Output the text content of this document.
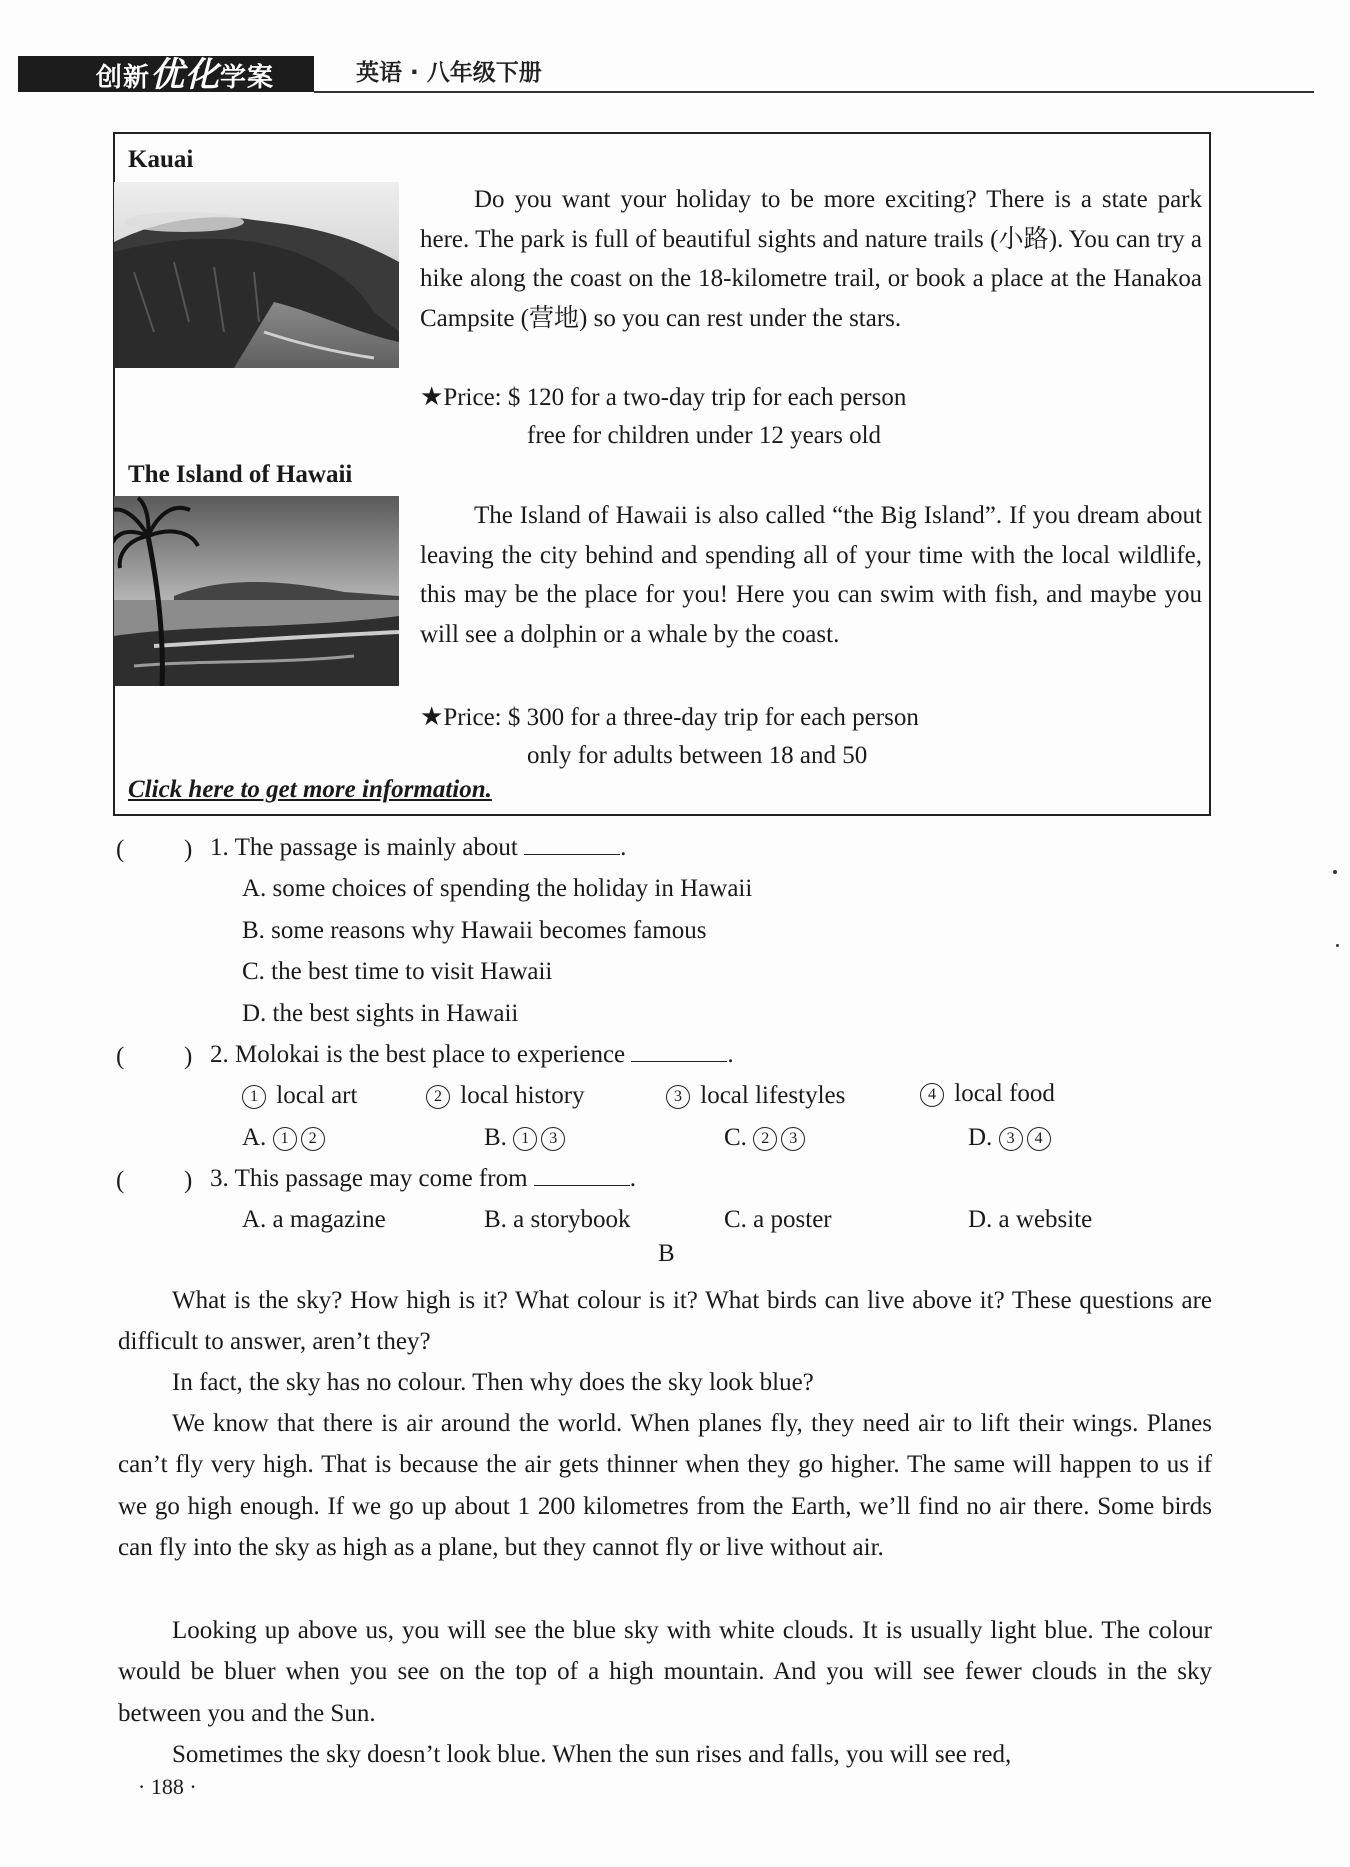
创新优化学案	英语 · 八年级下册
Kauai
Do you want your holiday to be more exciting? There is a state park here. The park is full of beautiful sights and nature trails (小路). You can try a hike along the coast on the 18-kilometre trail, or book a place at the Hanakoa Campsite (营地) so you can rest under the stars.
★Price: $ 120 for a two-day trip for each person
free for children under 12 years old
The Island of Hawaii
The Island of Hawaii is also called “the Big Island”. If you dream about leaving the city behind and spending all of your time with the local wildlife, this may be the place for you! Here you can swim with fish, and maybe you will see a dolphin or a whale by the coast.
★Price: $ 300 for a three-day trip for each person
only for adults between 18 and 50
Click here to get more information.
( ) 1. The passage is mainly about	.
A. some choices of spending the holiday in Hawaii
B. some reasons why Hawaii becomes famous
C. the best time to visit Hawaii
D. the best sights in Hawaii
( ) 2. Molokai is the best place to experience	.
1 local art	2 local history	3 local lifestyles	4 local food
A. 1 2	B. 1 3	C. 2 3	D. 3 4
( ) 3. This passage may come from	.
A. a magazine	B. a storybook	C. a poster	D. a website
B
What is the sky? How high is it? What colour is it? What birds can live above it? These questions are difficult to answer, aren’t they?
In fact, the sky has no colour. Then why does the sky look blue?
We know that there is air around the world. When planes fly, they need air to lift their wings. Planes can’t fly very high. That is because the air gets thinner when they go higher. The same will happen to us if we go high enough. If we go up about 1 200 kilometres from the Earth, we’ll find no air there. Some birds can fly into the sky as high as a plane, but they cannot fly or live without air.
Looking up above us, you will see the blue sky with white clouds. It is usually light blue. The colour would be bluer when you see on the top of a high mountain. And you will see fewer clouds in the sky between you and the Sun.
Sometimes the sky doesn’t look blue. When the sun rises and falls, you will see red,
· 188 ·
